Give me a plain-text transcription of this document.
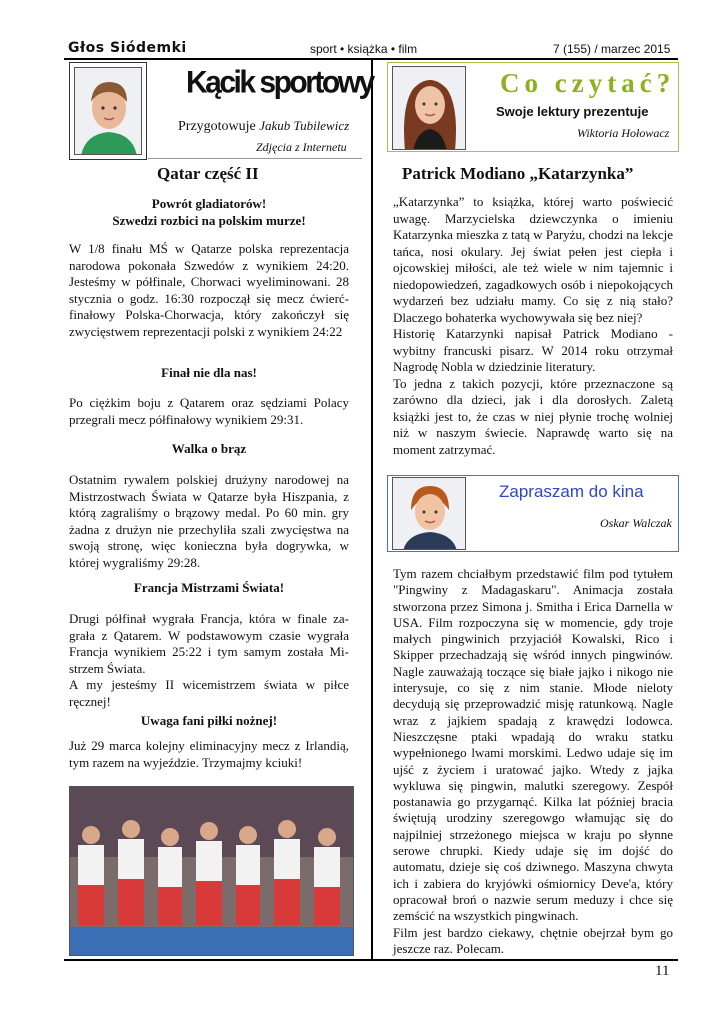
Głos Siódemki	sport • książka • film	7 (155) / marzec 2015
Kącik sportowy
Przygotowuje Jakub Tubilewicz
Zdjęcia z Internetu
Qatar część II
Powrót gladiatorów!
Szwedzi rozbici na polskim murze!
W 1/8 finału MŚ w Qatarze polska reprezentacja narodowa pokonała Szwedów z wynikiem 24:20. Jesteśmy w półfinale, Chorwaci wyeliminowani. 28 stycznia o godz. 16:30 rozpoczął się mecz ćwierć-finałowy Polska-Chorwacja, który zakończył się zwycięstwem reprezentacji polski z wynikiem 24:22
Finał nie dla nas!
Po ciężkim boju z Qatarem oraz sędziami Polacy przegrali mecz półfinałowy wynikiem 29:31.
Walka o brąz
Ostatnim rywalem polskiej drużyny narodowej na Mistrzostwach Świata w Qatarze była Hiszpania, z którą zagraliśmy o brązowy medal. Po 60 min. gry żadna z drużyn nie przechyliła szali zwycięstwa na swoją stronę, więc konieczna była dogrywka, w której wygraliśmy 29:28.
Francja Mistrzami Świata!
Drugi półfinał wygrała Francja, która w finale za-grała z Qatarem. W podstawowym czasie wygrała Francja wynikiem 25:22 i tym samym została Mi-strzem Świata.
A my jesteśmy II wicemistrzem świata w piłce ręcznej!
Uwaga fani piłki nożnej!
Już 29 marca kolejny eliminacyjny mecz z Irlandią, tym razem na wyjeździe. Trzymajmy kciuki!
Co czytać?
Swoje lektury prezentuje
Wiktoria Hołowacz
Patrick Modiano „Katarzynka”
„Katarzynka” to książka, której warto poświecić uwagę. Marzycielska dziewczynka o imieniu Katarzynka mieszka z tatą w Paryżu, chodzi na lekcje tańca, nosi okulary. Jej świat pełen jest ciepła i ojcowskiej miłości, ale też wiele w nim tajemnic i niedopowiedzeń, zagadkowych osób i niepokojących wydarzeń bez udziału mamy. Co się z nią stało? Dlaczego bohaterka wychowywała się bez niej?
Historię Katarzynki napisał Patrick Modiano - wybitny francuski pisarz. W 2014 roku otrzymał Nagrodę Nobla w dziedzinie literatury.
To jedna z takich pozycji, które przeznaczone są zarówno dla dzieci, jak i dla dorosłych. Zaletą książki jest to, że czas w niej płynie trochę wolniej niż w naszym świecie. Naprawdę warto się na moment zatrzymać.
Zapraszam do kina
Oskar Walczak
Tym razem chciałbym przedstawić film pod tytułem "Pingwiny z Madagaskaru". Animacja została stworzona przez Simona j. Smitha i Erica Darnella w USA. Film rozpoczyna się w momencie, gdy troje małych pingwinich przyjaciół Kowalski, Rico i Skipper przechadzają się wśród innych pingwinów. Nagle zauważają toczące się białe jajko i nikogo nie interysuje, co się z nim stanie. Młode nieloty decydują się przeprowadzić misję ratunkową. Nagle wraz z jajkiem spadają z krawędzi lodowca. Nieszczęsne ptaki wpadają do wraku statku wypełnionego lwami morskimi. Ledwo udaje się im ujść z życiem i uratować jajko. Wtedy z jajka wykluwa się pingwin, malutki szeregowy. Zespół postanawia go przygarnąć. Kilka lat później bracia świętują urodziny szeregowgo włamując się do najpilniej strzeżonego miejsca w kraju po słynne serowe chrupki. Kiedy udaje się im dojść do automatu, dzieje się coś dziwnego. Maszyna chwyta ich i zabiera do kryjówki ośmiornicy Deve'a, który opracował broń o nazwie serum meduzy i chce się zemścić na wszystkich pingwinach.
Film jest bardzo ciekawy, chętnie obejrzał bym go jeszcze raz. Polecam.
11
